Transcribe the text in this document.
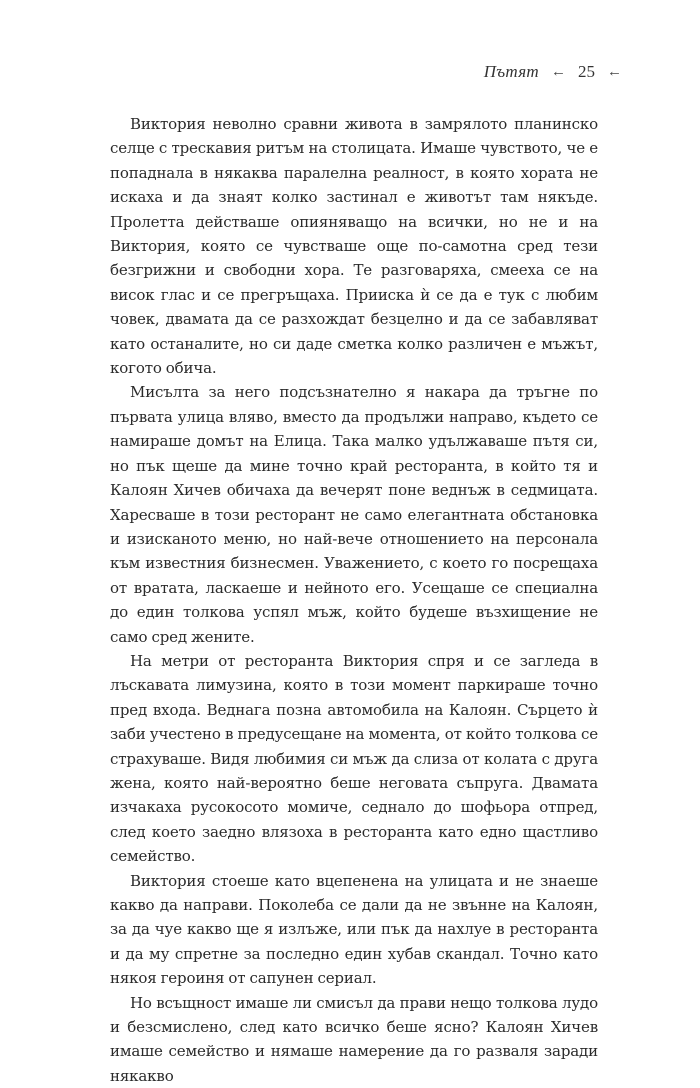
Пътят ← 25 ←

Виктория неволно сравни живота в замрялото планинско селце с трескавия ритъм на столицата. Имаше чувството, че е попаднала в някаква паралелна реалност, в която хората не искаха и да знаят колко застинал е животът там някъде. Пролетта действаше опияняващо на всички, но не и на Виктория, която се чувстваше още по-самотна сред тези безгрижни и свободни хора. Те разговаряха, смееха се на висок глас и се прегръщаха. Прииска ѝ се да е тук с любим човек, двамата да се разхождат безцелно и да се забавляват като останалите, но си даде сметка колко различен е мъжът, когото обича.

Мисълта за него подсъзнателно я накара да тръгне по първата улица вляво, вместо да продължи направо, където се намираше домът на Елица. Така малко удължаваше пътя си, но пък щеше да мине точно край ресторанта, в който тя и Калоян Хичев обичаха да вечерят поне веднъж в седмицата. Харесваше в този ресторант не само елегантната обстановка и изисканото меню, но най-вече отношението на персонала към известния бизнесмен. Уважението, с което го посрещаха от вратата, ласкаеше и нейното его. Усещаше се специална до един толкова успял мъж, който будеше възхищение не само сред жените.

На метри от ресторанта Виктория спря и се загледа в лъскавата лимузина, която в този момент паркираше точно пред входа. Веднага позна автомобила на Калоян. Сърцето ѝ заби учестено в предусещане на момента, от който толкова се страхуваше. Видя любимия си мъж да слиза от колата с друга жена, която най-вероятно беше неговата съпруга. Двамата изчакаха русокосото момиче, седнало до шофьора отпред, след което заедно влязоха в ресторанта като едно щастливо семейство.

Виктория стоеше като вцепенена на улицата и не знаеше какво да направи. Поколеба се дали да не звънне на Калоян, за да чуе какво ще я излъже, или пък да нахлуе в ресторанта и да му спретне за последно един хубав скандал. Точно като някоя героиня от сапунен сериал.

Но всъщност имаше ли смисъл да прави нещо толкова лудо и безсмислено, след като всичко беше ясно? Калоян Хичев имаше семейство и нямаше намерение да го разваля заради някакво
